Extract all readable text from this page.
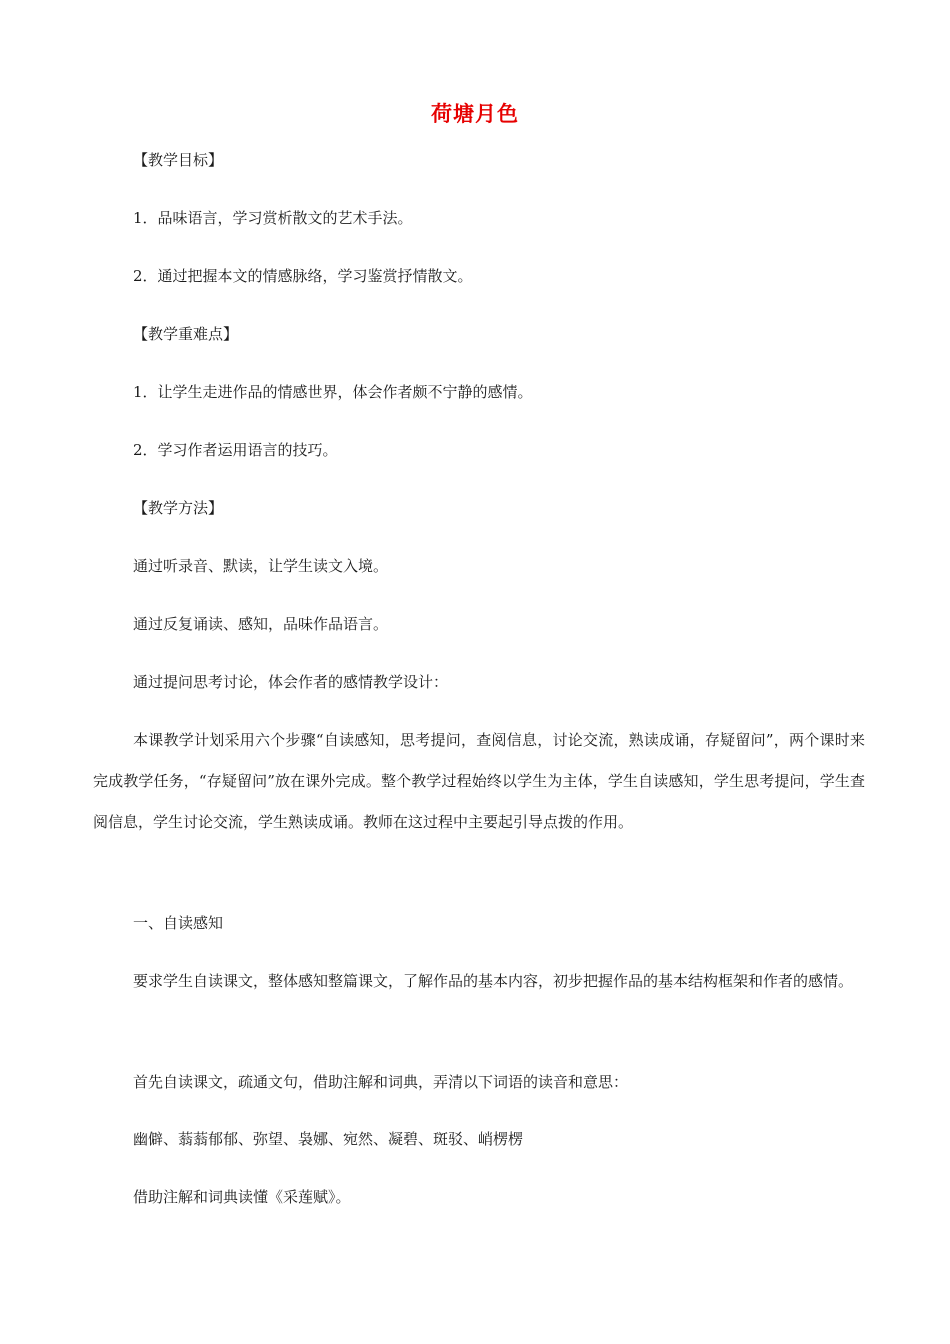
荷塘月色
【教学目标】
1．品味语言，学习赏析散文的艺术手法。
2．通过把握本文的情感脉络，学习鉴赏抒情散文。
【教学重难点】
1．让学生走进作品的情感世界，体会作者颇不宁静的感情。
2．学习作者运用语言的技巧。
【教学方法】
通过听录音、默读，让学生读文入境。
通过反复诵读、感知，品味作品语言。
通过提问思考讨论，体会作者的感情教学设计：
本课教学计划采用六个步骤“自读感知，思考提问，查阅信息，讨论交流，熟读成诵，存疑留问”，两个课时来完成教学任务，“存疑留问”放在课外完成。整个教学过程始终以学生为主体，学生自读感知，学生思考提问，学生查阅信息，学生讨论交流，学生熟读成诵。教师在这过程中主要起引导点拨的作用。
一、自读感知
要求学生自读课文，整体感知整篇课文，了解作品的基本内容，初步把握作品的基本结构框架和作者的感情。
首先自读课文，疏通文句，借助注解和词典，弄清以下词语的读音和意思：
幽僻、蓊蓊郁郁、弥望、袅娜、宛然、凝碧、斑驳、峭楞楞
借助注解和词典读懂《采莲赋》。
